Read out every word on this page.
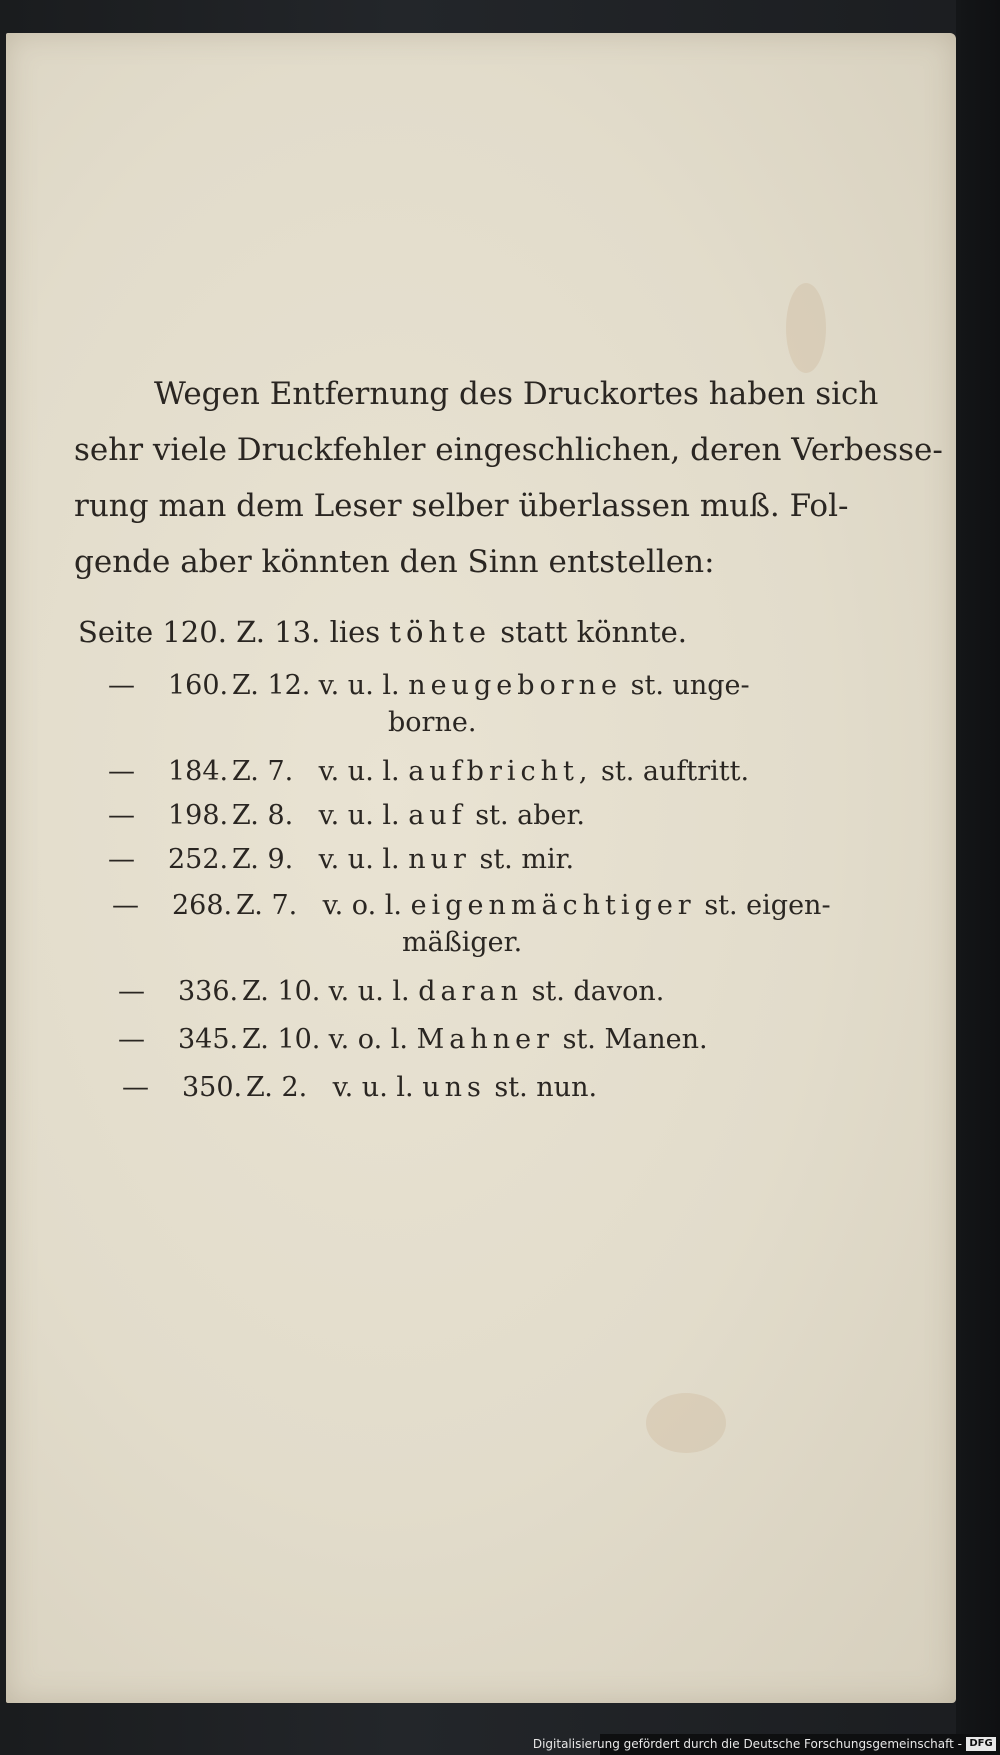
Wegen Entfernung des Druckortes haben sich
sehr viele Druckfehler eingeschlichen, deren Verbesse-
rung man dem Leser selber überlassen muß. Fol-
gende aber könnten den Sinn entstellen:

Seite 120. Z. 13. lies töhte statt könnte.
— 160. Z. 12. v. u. l. neugeborne st. unge-
borne.
— 184. Z. 7. v. u. l. aufbricht, st. auftritt.
— 198. Z. 8. v. u. l. auf st. aber.
— 252. Z. 9. v. u. l. nur st. mir.
— 268. Z. 7. v. o. l. eigenmächtiger st. eigen-
mäßiger.
— 336. Z. 10. v. u. l. daran st. davon.
— 345. Z. 10. v. o. l. Mahner st. Manen.
— 350. Z. 2. v. u. l. uns st. nun.
Digitalisierung gefördert durch die Deutsche Forschungsgemeinschaft - DFG
